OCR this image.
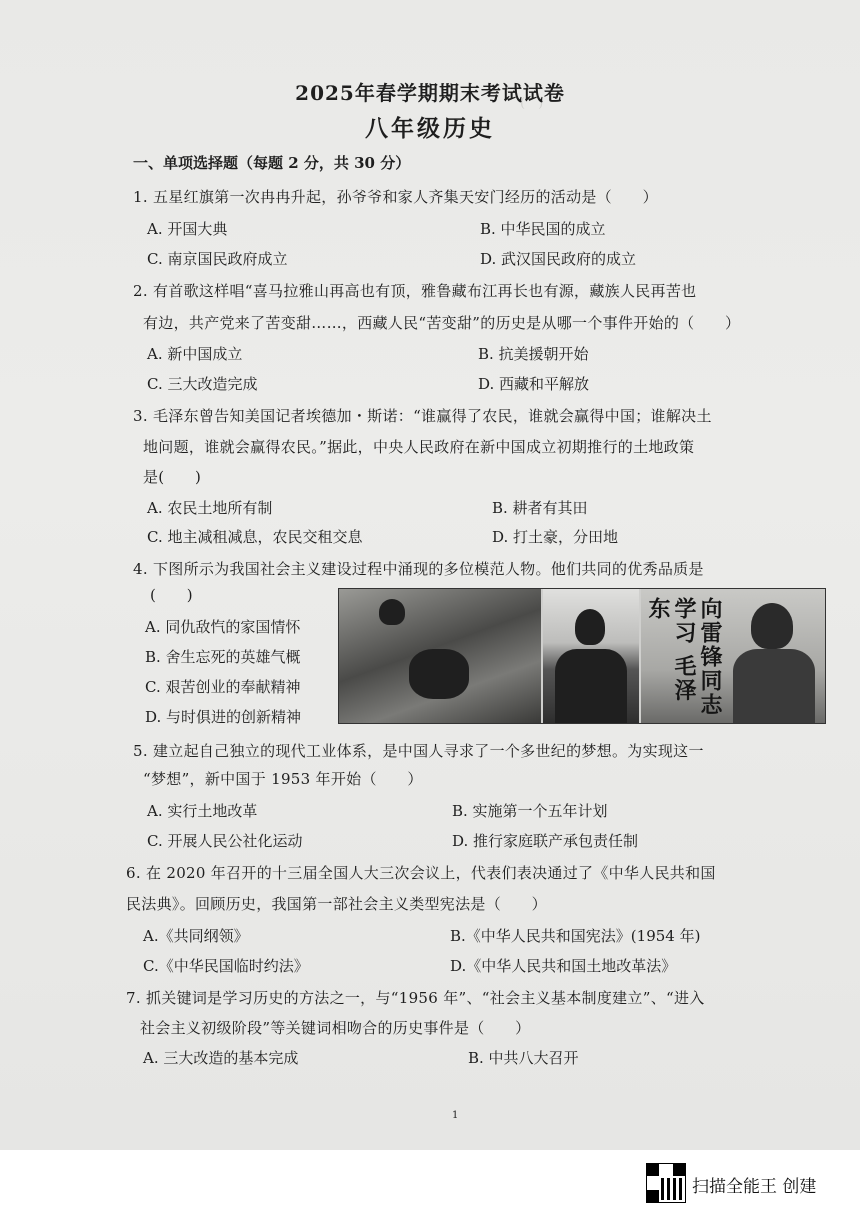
(　)　　　　　　　　　　　
2025年春学期期末考试试卷
八年级历史
一、单项选择题（每题 2 分，共 30 分）
1. 五星红旗第一次冉冉升起，孙爷爷和家人齐集天安门经历的活动是（　　）
A. 开国大典	B. 中华民国的成立
C. 南京国民政府成立	D. 武汉国民政府的成立
2. 有首歌这样唱“喜马拉雅山再高也有顶，雅鲁藏布江再长也有源，藏族人民再苦也
有边，共产党来了苦变甜……，西藏人民“苦变甜”的历史是从哪一个事件开始的（　　）
A. 新中国成立	B. 抗美援朝开始
C. 三大改造完成	D. 西藏和平解放
3. 毛泽东曾告知美国记者埃德加・斯诺：“谁赢得了农民，谁就会赢得中国；谁解决土
地问题，谁就会赢得农民。”据此，中央人民政府在新中国成立初期推行的土地政策
是(　　)
A. 农民土地所有制	B. 耕者有其田
C. 地主减租减息，农民交租交息	D. 打土豪，分田地
4. 下图所示为我国社会主义建设过程中涌现的多位模范人物。他们共同的优秀品质是
(　　)
A. 同仇敌忾的家国情怀
B. 舍生忘死的英雄气概
C. 艰苦创业的奉献精神
D. 与时俱进的创新精神	向雷锋同志学习 毛泽东
5. 建立起自己独立的现代工业体系，是中国人寻求了一个多世纪的梦想。为实现这一
“梦想”，新中国于 1953 年开始（　　）
A. 实行土地改革	B. 实施第一个五年计划
C. 开展人民公社化运动	D. 推行家庭联产承包责任制
6. 在 2020 年召开的十三届全国人大三次会议上，代表们表决通过了《中华人民共和国
民法典》。回顾历史，我国第一部社会主义类型宪法是（　　）
A.《共同纲领》	B.《中华人民共和国宪法》(1954 年)
C.《中华民国临时约法》	D.《中华人民共和国土地改革法》
7. 抓关键词是学习历史的方法之一，与“1956 年”、“社会主义基本制度建立”、“进入
社会主义初级阶段”等关键词相吻合的历史事件是（　　）
A. 三大改造的基本完成	B. 中共八大召开
1
扫描全能王 创建
